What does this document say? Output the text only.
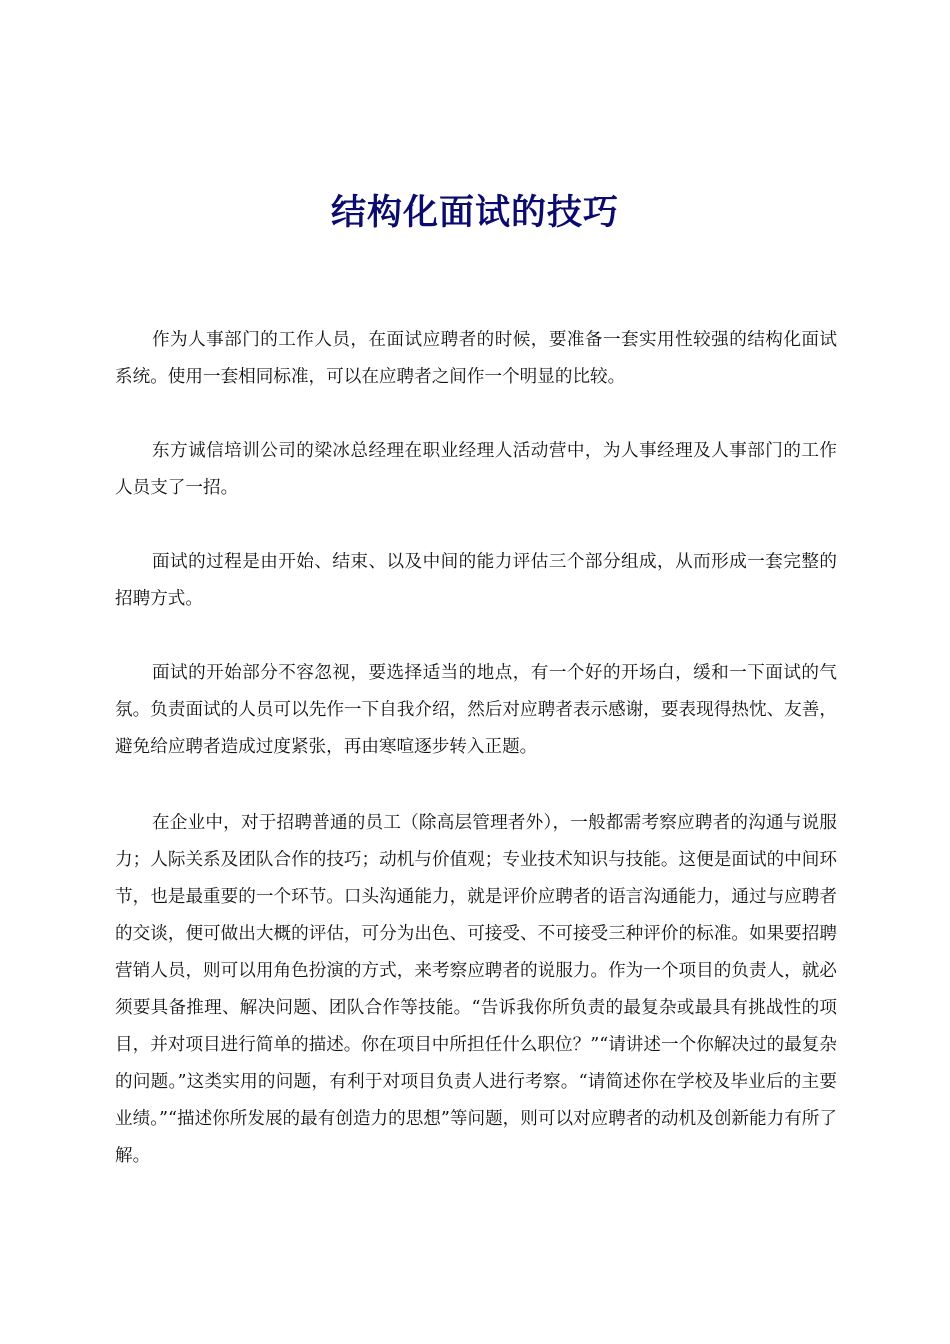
结构化面试的技巧

作为人事部门的工作人员，在面试应聘者的时候，要准备一套实用性较强的结构化面试系统。使用一套相同标准，可以在应聘者之间作一个明显的比较。

东方诚信培训公司的梁冰总经理在职业经理人活动营中，为人事经理及人事部门的工作人员支了一招。

面试的过程是由开始、结束、以及中间的能力评估三个部分组成，从而形成一套完整的招聘方式。

面试的开始部分不容忽视，要选择适当的地点，有一个好的开场白，缓和一下面试的气氛。负责面试的人员可以先作一下自我介绍，然后对应聘者表示感谢，要表现得热忱、友善，避免给应聘者造成过度紧张，再由寒喧逐步转入正题。

在企业中，对于招聘普通的员工（除高层管理者外），一般都需考察应聘者的沟通与说服力；人际关系及团队合作的技巧；动机与价值观；专业技术知识与技能。这便是面试的中间环节，也是最重要的一个环节。口头沟通能力，就是评价应聘者的语言沟通能力，通过与应聘者的交谈，便可做出大概的评估，可分为出色、可接受、不可接受三种评价的标准。如果要招聘营销人员，则可以用角色扮演的方式，来考察应聘者的说服力。作为一个项目的负责人，就必须要具备推理、解决问题、团队合作等技能。“告诉我你所负责的最复杂或最具有挑战性的项目，并对项目进行简单的描述。你在项目中所担任什么职位？”“请讲述一个你解决过的最复杂的问题。”这类实用的问题，有利于对项目负责人进行考察。“请简述你在学校及毕业后的主要业绩。”“描述你所发展的最有创造力的思想”等问题，则可以对应聘者的动机及创新能力有所了解。
